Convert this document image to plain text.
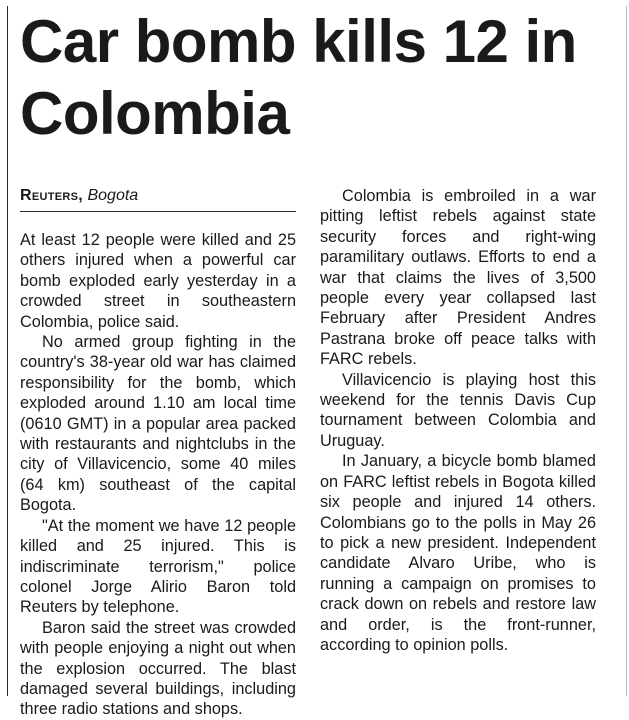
Car bomb kills 12 in Colombia
Reuters, Bogota

At least 12 people were killed and 25 others injured when a powerful car bomb exploded early yesterday in a crowded street in southeastern Colombia, police said.

No armed group fighting in the country's 38-year old war has claimed responsibility for the bomb, which exploded around 1.10 am local time (0610 GMT) in a popular area packed with restaurants and nightclubs in the city of Villavicencio, some 40 miles (64 km) southeast of the capital Bogota.

"At the moment we have 12 people killed and 25 injured. This is indiscriminate terrorism," police colonel Jorge Alirio Baron told Reuters by telephone.

Baron said the street was crowded with people enjoying a night out when the explosion occurred. The blast damaged several buildings, including three radio stations and shops.

Colombia is embroiled in a war pitting leftist rebels against state security forces and right-wing paramilitary outlaws. Efforts to end a war that claims the lives of 3,500 people every year collapsed last February after President Andres Pastrana broke off peace talks with FARC rebels.

Villavicencio is playing host this weekend for the tennis Davis Cup tournament between Colombia and Uruguay.

In January, a bicycle bomb blamed on FARC leftist rebels in Bogota killed six people and injured 14 others. Colombians go to the polls in May 26 to pick a new president. Independent candidate Alvaro Uribe, who is running a campaign on promises to crack down on rebels and restore law and order, is the front-runner, according to opinion polls.
